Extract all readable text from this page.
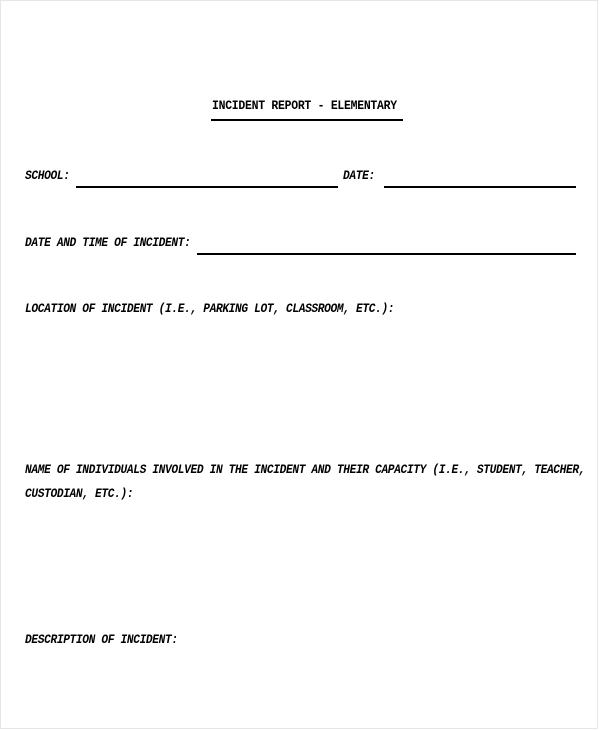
INCIDENT REPORT - ELEMENTARY
SCHOOL:	DATE:
DATE AND TIME OF INCIDENT:
LOCATION OF INCIDENT (I.E., PARKING LOT, CLASSROOM, ETC.):
NAME OF INDIVIDUALS INVOLVED IN THE INCIDENT AND THEIR CAPACITY (I.E., STUDENT, TEACHER,
CUSTODIAN, ETC.):
DESCRIPTION OF INCIDENT:
